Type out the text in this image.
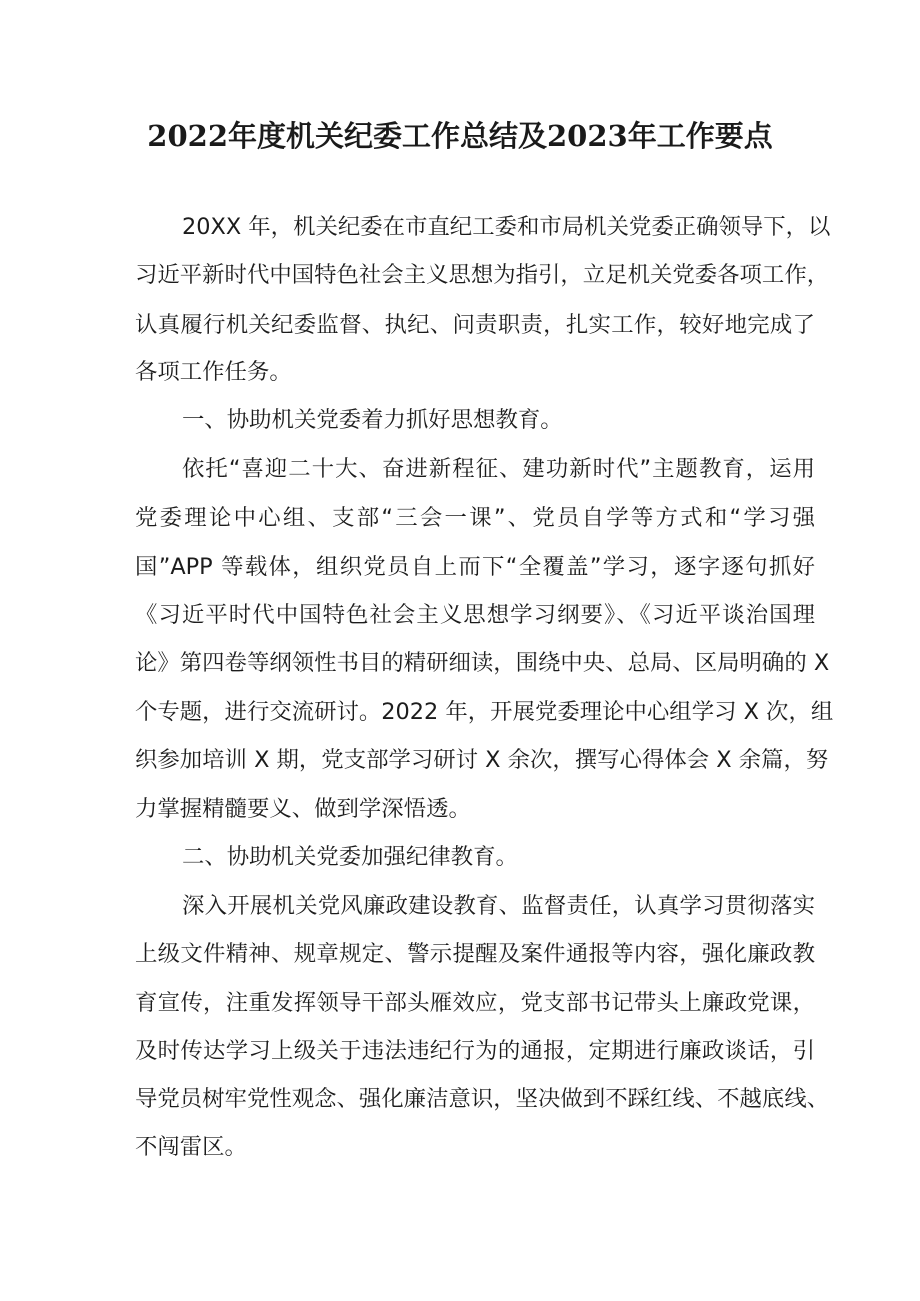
2022年度机关纪委工作总结及2023年工作要点
20XX 年，机关纪委在市直纪工委和市局机关党委正确领导下，以
习近平新时代中国特色社会主义思想为指引，立足机关党委各项工作，
认真履行机关纪委监督、执纪、问责职责，扎实工作，较好地完成了
各项工作任务。
一、协助机关党委着力抓好思想教育。
依托“喜迎二十大、奋进新程征、建功新时代”主题教育，运用
党委理论中心组、支部“三会一课”、党员自学等方式和“学习强
国”APP 等载体，组织党员自上而下“全覆盖”学习，逐字逐句抓好
《习近平时代中国特色社会主义思想学习纲要》、《习近平谈治国理
论》第四卷等纲领性书目的精研细读，围绕中央、总局、区局明确的 X
个专题，进行交流研讨。2022 年，开展党委理论中心组学习 X 次，组
织参加培训 X 期，党支部学习研讨 X 余次，撰写心得体会 X 余篇，努
力掌握精髓要义、做到学深悟透。
二、协助机关党委加强纪律教育。
深入开展机关党风廉政建设教育、监督责任，认真学习贯彻落实
上级文件精神、规章规定、警示提醒及案件通报等内容，强化廉政教
育宣传，注重发挥领导干部头雁效应，党支部书记带头上廉政党课，
及时传达学习上级关于违法违纪行为的通报，定期进行廉政谈话，引
导党员树牢党性观念、强化廉洁意识，坚决做到不踩红线、不越底线、
不闯雷区。
